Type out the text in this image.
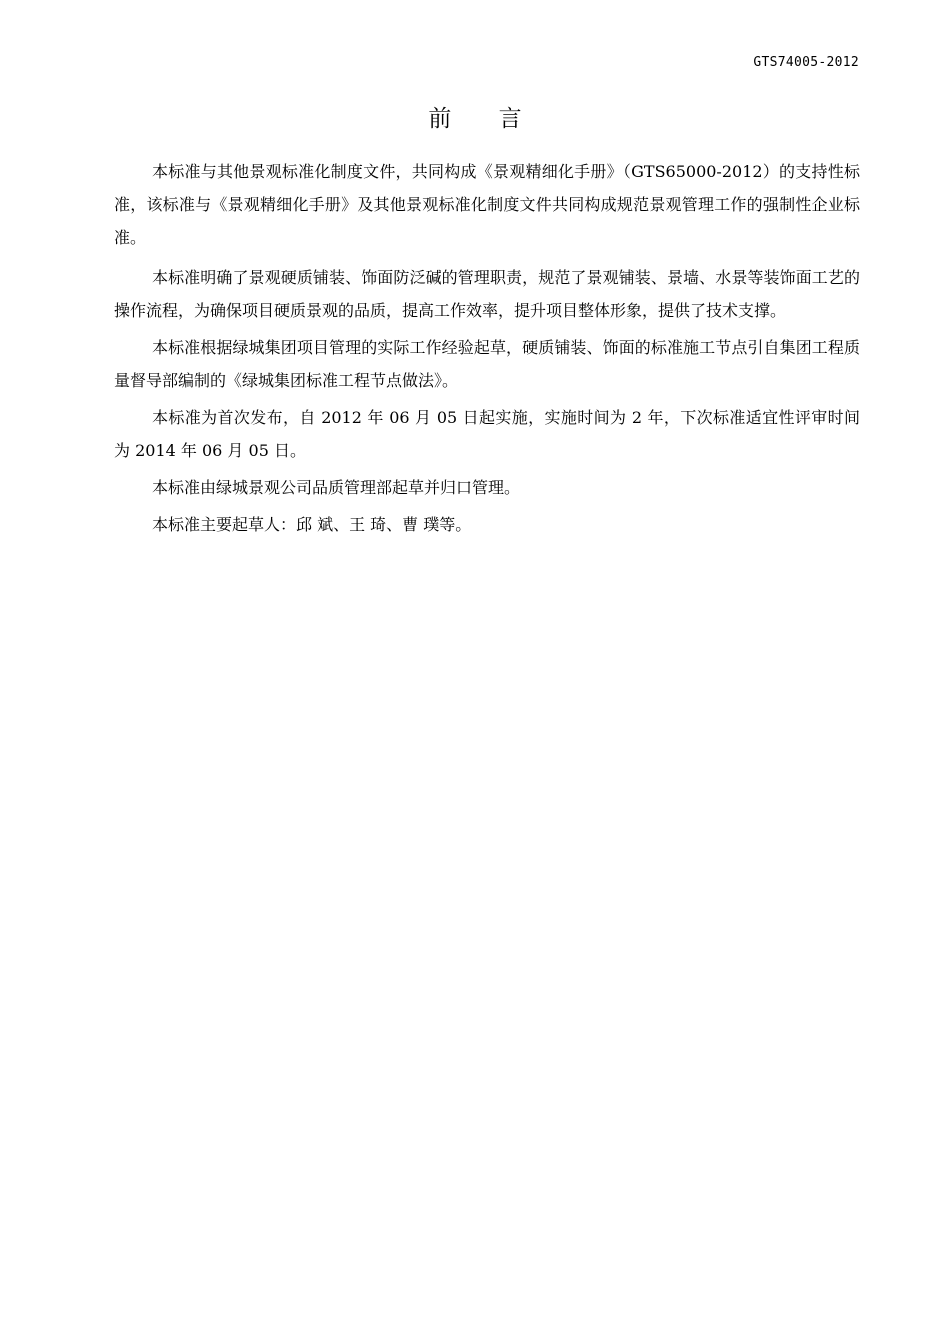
GTS74005-2012
前 言

本标准与其他景观标准化制度文件，共同构成《景观精细化手册》（GTS65000-2012）的支持性标准，该标准与《景观精细化手册》及其他景观标准化制度文件共同构成规范景观管理工作的强制性企业标准。

本标准明确了景观硬质铺装、饰面防泛碱的管理职责，规范了景观铺装、景墙、水景等装饰面工艺的操作流程，为确保项目硬质景观的品质，提高工作效率，提升项目整体形象，提供了技术支撑。

本标准根据绿城集团项目管理的实际工作经验起草，硬质铺装、饰面的标准施工节点引自集团工程质量督导部编制的《绿城集团标准工程节点做法》。

本标准为首次发布，自 2012 年 06 月 05 日起实施，实施时间为 2 年，下次标准适宜性评审时间为 2014 年 06 月 05 日。

本标准由绿城景观公司品质管理部起草并归口管理。

本标准主要起草人：邱 斌、王 琦、曹 璞等。
